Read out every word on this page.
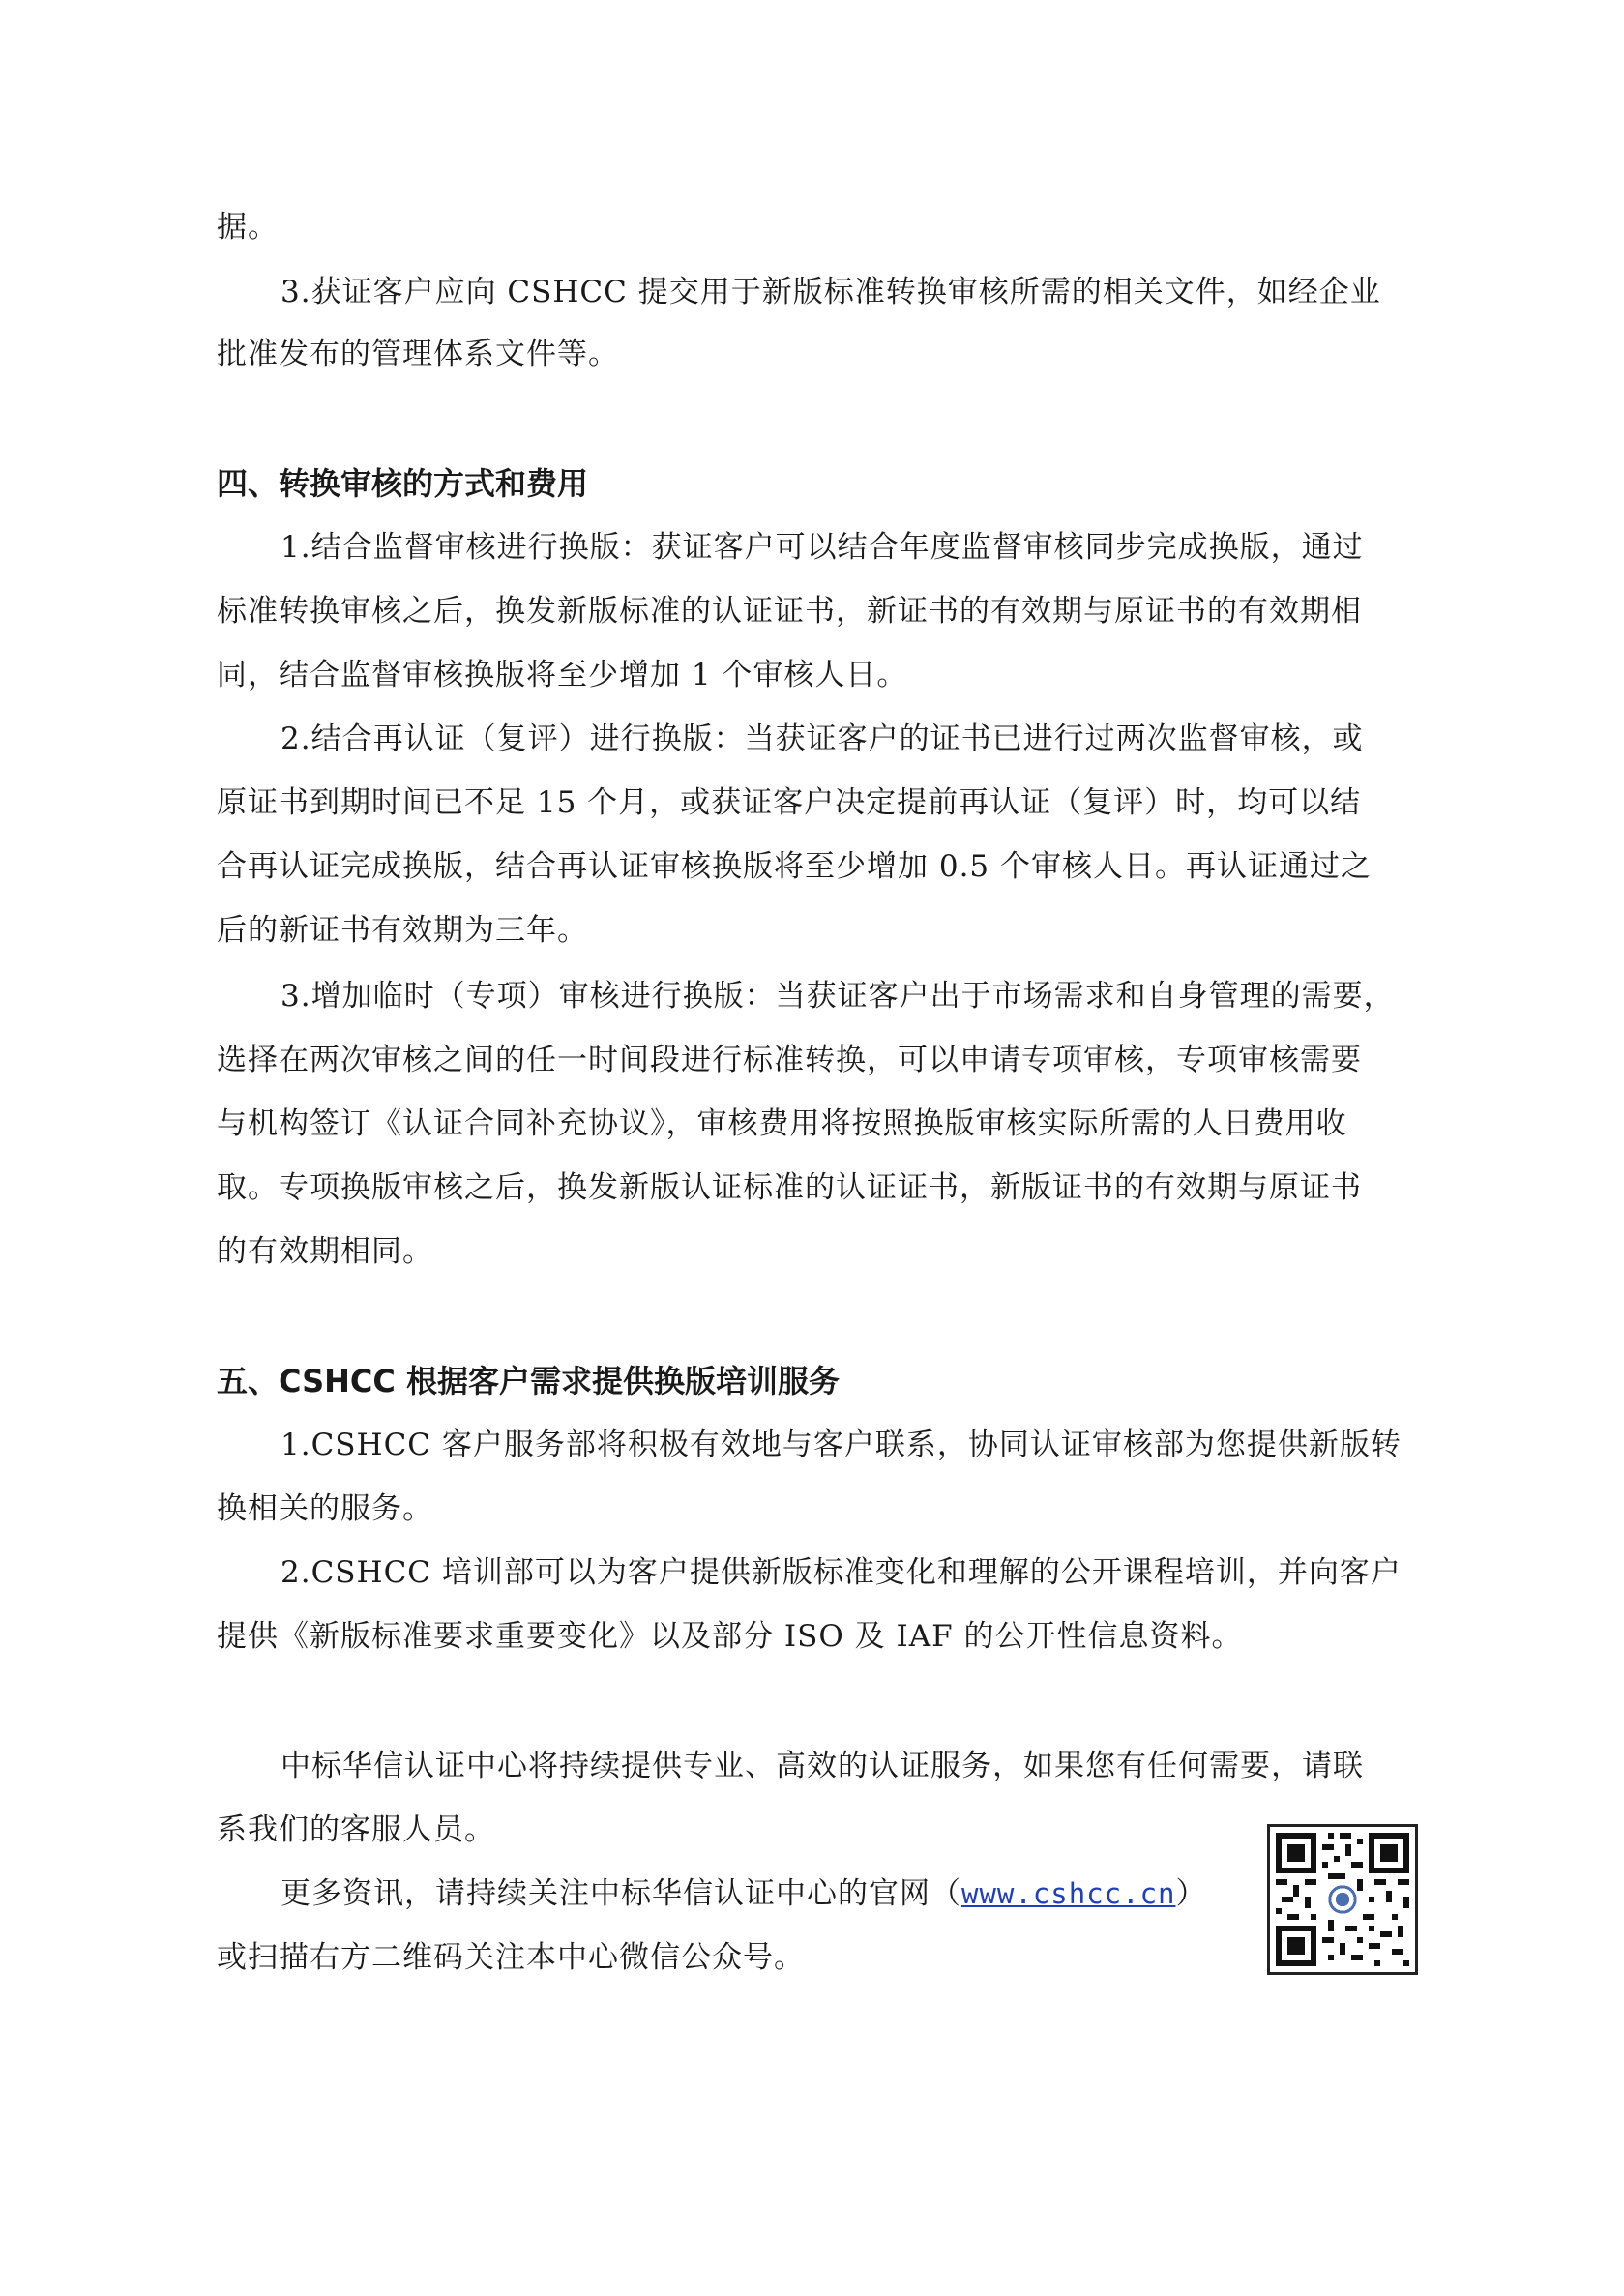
据。
3.获证客户应向 CSHCC 提交用于新版标准转换审核所需的相关文件，如经企业
批准发布的管理体系文件等。
四、转换审核的方式和费用
1.结合监督审核进行换版：获证客户可以结合年度监督审核同步完成换版，通过
标准转换审核之后，换发新版标准的认证证书，新证书的有效期与原证书的有效期相
同，结合监督审核换版将至少增加 1 个审核人日。
2.结合再认证（复评）进行换版：当获证客户的证书已进行过两次监督审核，或
原证书到期时间已不足 15 个月，或获证客户决定提前再认证（复评）时，均可以结
合再认证完成换版，结合再认证审核换版将至少增加 0.5 个审核人日。再认证通过之
后的新证书有效期为三年。
3.增加临时（专项）审核进行换版：当获证客户出于市场需求和自身管理的需要，
选择在两次审核之间的任一时间段进行标准转换，可以申请专项审核，专项审核需要
与机构签订《认证合同补充协议》，审核费用将按照换版审核实际所需的人日费用收
取。专项换版审核之后，换发新版认证标准的认证证书，新版证书的有效期与原证书
的有效期相同。
五、CSHCC 根据客户需求提供换版培训服务
1.CSHCC 客户服务部将积极有效地与客户联系，协同认证审核部为您提供新版转
换相关的服务。
2.CSHCC 培训部可以为客户提供新版标准变化和理解的公开课程培训，并向客户
提供《新版标准要求重要变化》以及部分 ISO 及 IAF 的公开性信息资料。
中标华信认证中心将持续提供专业、高效的认证服务，如果您有任何需要，请联
系我们的客服人员。
更多资讯，请持续关注中标华信认证中心的官网（www.cshcc.cn）
或扫描右方二维码关注本中心微信公众号。
